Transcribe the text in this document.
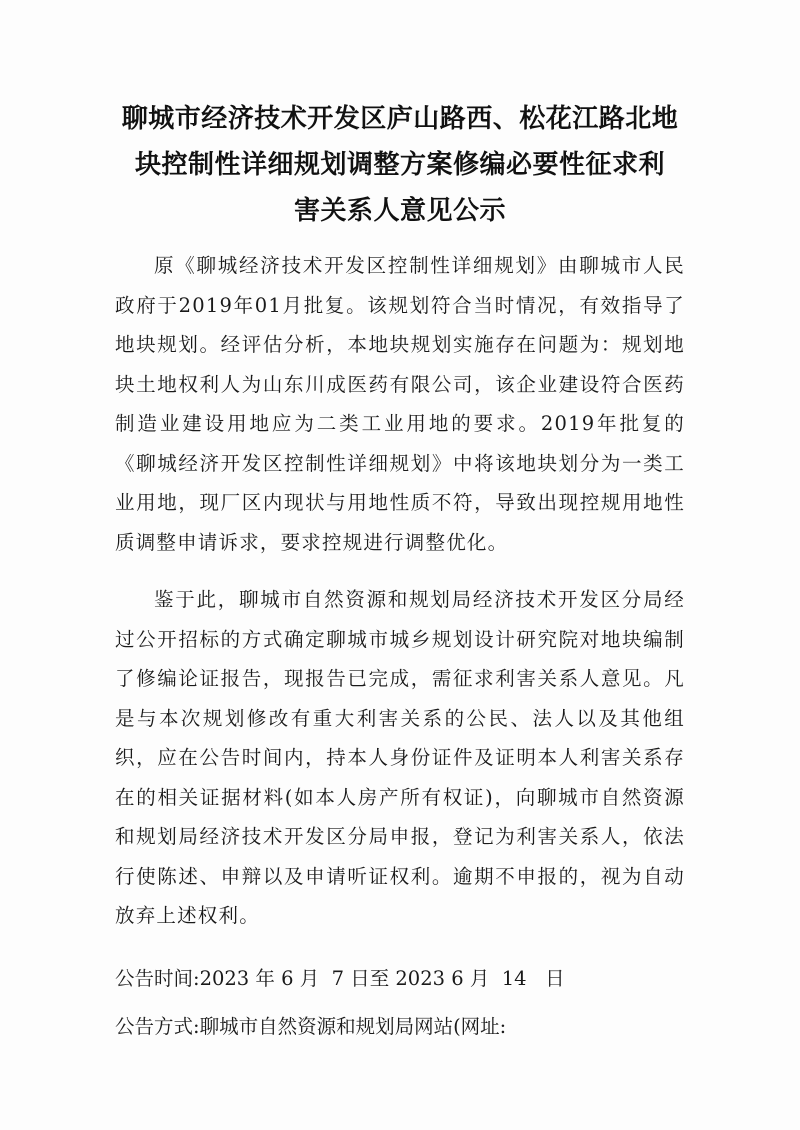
聊城市经济技术开发区庐山路西、松花江路北地
块控制性详细规划调整方案修编必要性征求利
害关系人意见公示

原《聊城经济技术开发区控制性详细规划》由聊城市人民政府于2019年01月批复。该规划符合当时情况，有效指导了地块规划。经评估分析，本地块规划实施存在问题为：规划地块土地权利人为山东川成医药有限公司，该企业建设符合医药制造业建设用地应为二类工业用地的要求。2019年批复的《聊城经济开发区控制性详细规划》中将该地块划分为一类工业用地，现厂区内现状与用地性质不符，导致出现控规用地性质调整申请诉求，要求控规进行调整优化。

鉴于此，聊城市自然资源和规划局经济技术开发区分局经过公开招标的方式确定聊城市城乡规划设计研究院对地块编制了修编论证报告，现报告已完成，需征求利害关系人意见。凡是与本次规划修改有重大利害关系的公民、法人以及其他组织，应在公告时间内，持本人身份证件及证明本人利害关系存在的相关证据材料(如本人房产所有权证)，向聊城市自然资源和规划局经济技术开发区分局申报，登记为利害关系人，依法行使陈述、申辩以及申请听证权利。逾期不申报的，视为自动放弃上述权利。

公告时间:2023 年 6 月  7 日至 2023 6 月  14   日
公告方式:聊城市自然资源和规划局网站(网址:
